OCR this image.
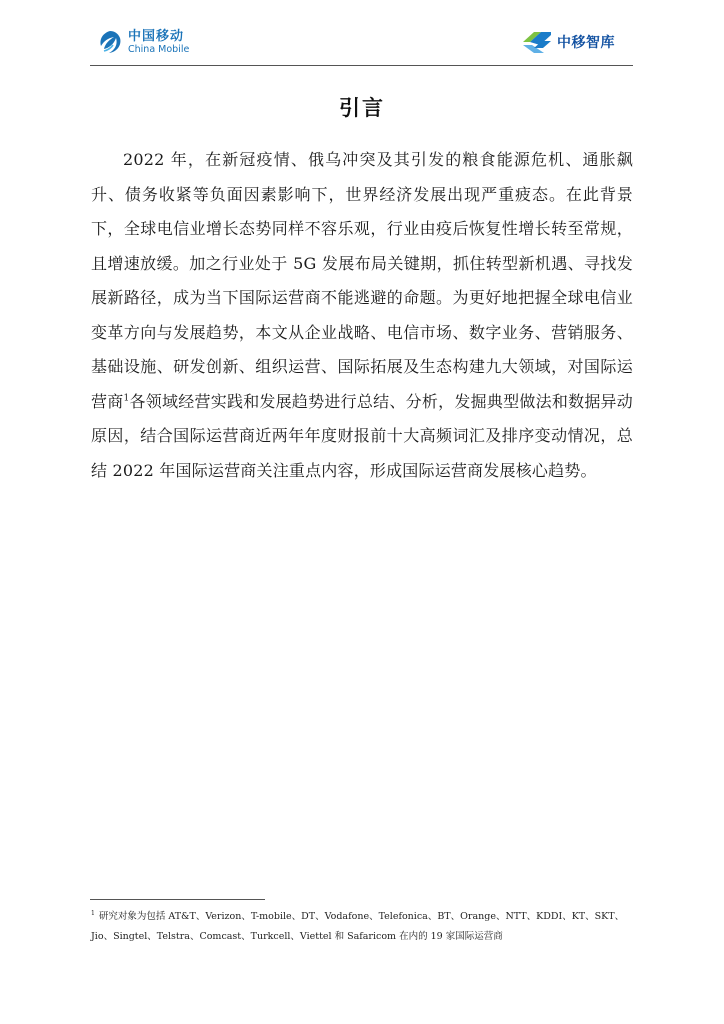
中国移动
China Mobile	中移智库
引言

2022 年，在新冠疫情、俄乌冲突及其引发的粮食能源危机、通胀飙升、债务收紧等负面因素影响下，世界经济发展出现严重疲态。在此背景下，全球电信业增长态势同样不容乐观，行业由疫后恢复性增长转至常规，且增速放缓。加之行业处于 5G 发展布局关键期，抓住转型新机遇、寻找发展新路径，成为当下国际运营商不能逃避的命题。为更好地把握全球电信业变革方向与发展趋势，本文从企业战略、电信市场、数字业务、营销服务、基础设施、研发创新、组织运营、国际拓展及生态构建九大领域，对国际运营商$^1$各领域经营实践和发展趋势进行总结、分析，发掘典型做法和数据异动原因，结合国际运营商近两年年度财报前十大高频词汇及排序变动情况，总结 2022 年国际运营商关注重点内容，形成国际运营商发展核心趋势。

$^1$ 研究对象为包括 AT&T、Verizon、T-mobile、DT、Vodafone、Telefonica、BT、Orange、NTT、KDDI、KT、SKT、Jio、Singtel、Telstra、Comcast、Turkcell、Viettel 和 Safaricom 在内的 19 家国际运营商
